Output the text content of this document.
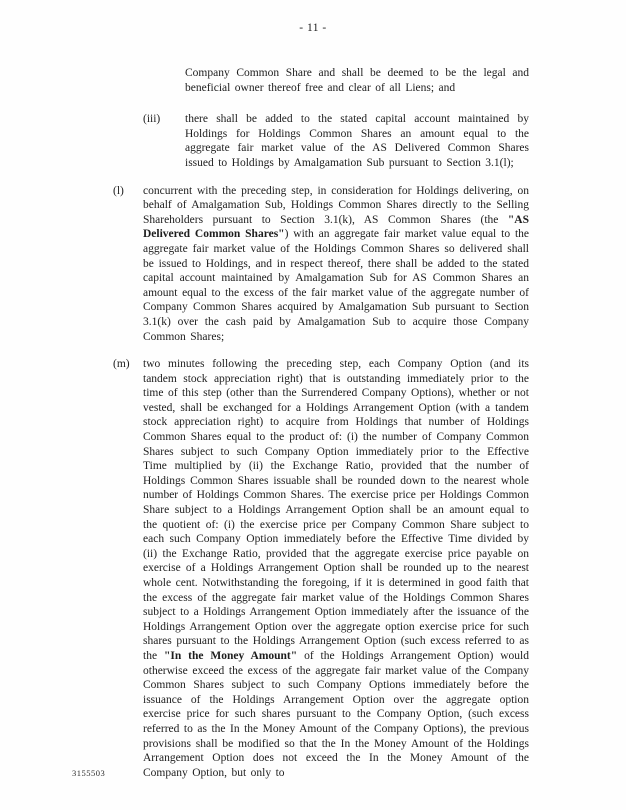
- 11 -

Company Common Share and shall be deemed to be the legal and beneficial owner thereof free and clear of all Liens; and

(iii)	there shall be added to the stated capital account maintained by Holdings for Holdings Common Shares an amount equal to the aggregate fair market value of the AS Delivered Common Shares issued to Holdings by Amalgamation Sub pursuant to Section 3.1(l);

(l)	concurrent with the preceding step, in consideration for Holdings delivering, on behalf of Amalgamation Sub, Holdings Common Shares directly to the Selling Shareholders pursuant to Section 3.1(k), AS Common Shares (the "AS Delivered Common Shares") with an aggregate fair market value equal to the aggregate fair market value of the Holdings Common Shares so delivered shall be issued to Holdings, and in respect thereof, there shall be added to the stated capital account maintained by Amalgamation Sub for AS Common Shares an amount equal to the excess of the fair market value of the aggregate number of Company Common Shares acquired by Amalgamation Sub pursuant to Section 3.1(k) over the cash paid by Amalgamation Sub to acquire those Company Common Shares;

(m)	two minutes following the preceding step, each Company Option (and its tandem stock appreciation right) that is outstanding immediately prior to the time of this step (other than the Surrendered Company Options), whether or not vested, shall be exchanged for a Holdings Arrangement Option (with a tandem stock appreciation right) to acquire from Holdings that number of Holdings Common Shares equal to the product of: (i) the number of Company Common Shares subject to such Company Option immediately prior to the Effective Time multiplied by (ii) the Exchange Ratio, provided that the number of Holdings Common Shares issuable shall be rounded down to the nearest whole number of Holdings Common Shares. The exercise price per Holdings Common Share subject to a Holdings Arrangement Option shall be an amount equal to the quotient of: (i) the exercise price per Company Common Share subject to each such Company Option immediately before the Effective Time divided by (ii) the Exchange Ratio, provided that the aggregate exercise price payable on exercise of a Holdings Arrangement Option shall be rounded up to the nearest whole cent. Notwithstanding the foregoing, if it is determined in good faith that the excess of the aggregate fair market value of the Holdings Common Shares subject to a Holdings Arrangement Option immediately after the issuance of the Holdings Arrangement Option over the aggregate option exercise price for such shares pursuant to the Holdings Arrangement Option (such excess referred to as the "In the Money Amount" of the Holdings Arrangement Option) would otherwise exceed the excess of the aggregate fair market value of the Company Common Shares subject to such Company Options immediately before the issuance of the Holdings Arrangement Option over the aggregate option exercise price for such shares pursuant to the Company Option, (such excess referred to as the In the Money Amount of the Company Options), the previous provisions shall be modified so that the In the Money Amount of the Holdings Arrangement Option does not exceed the In the Money Amount of the Company Option, but only to

3155503
